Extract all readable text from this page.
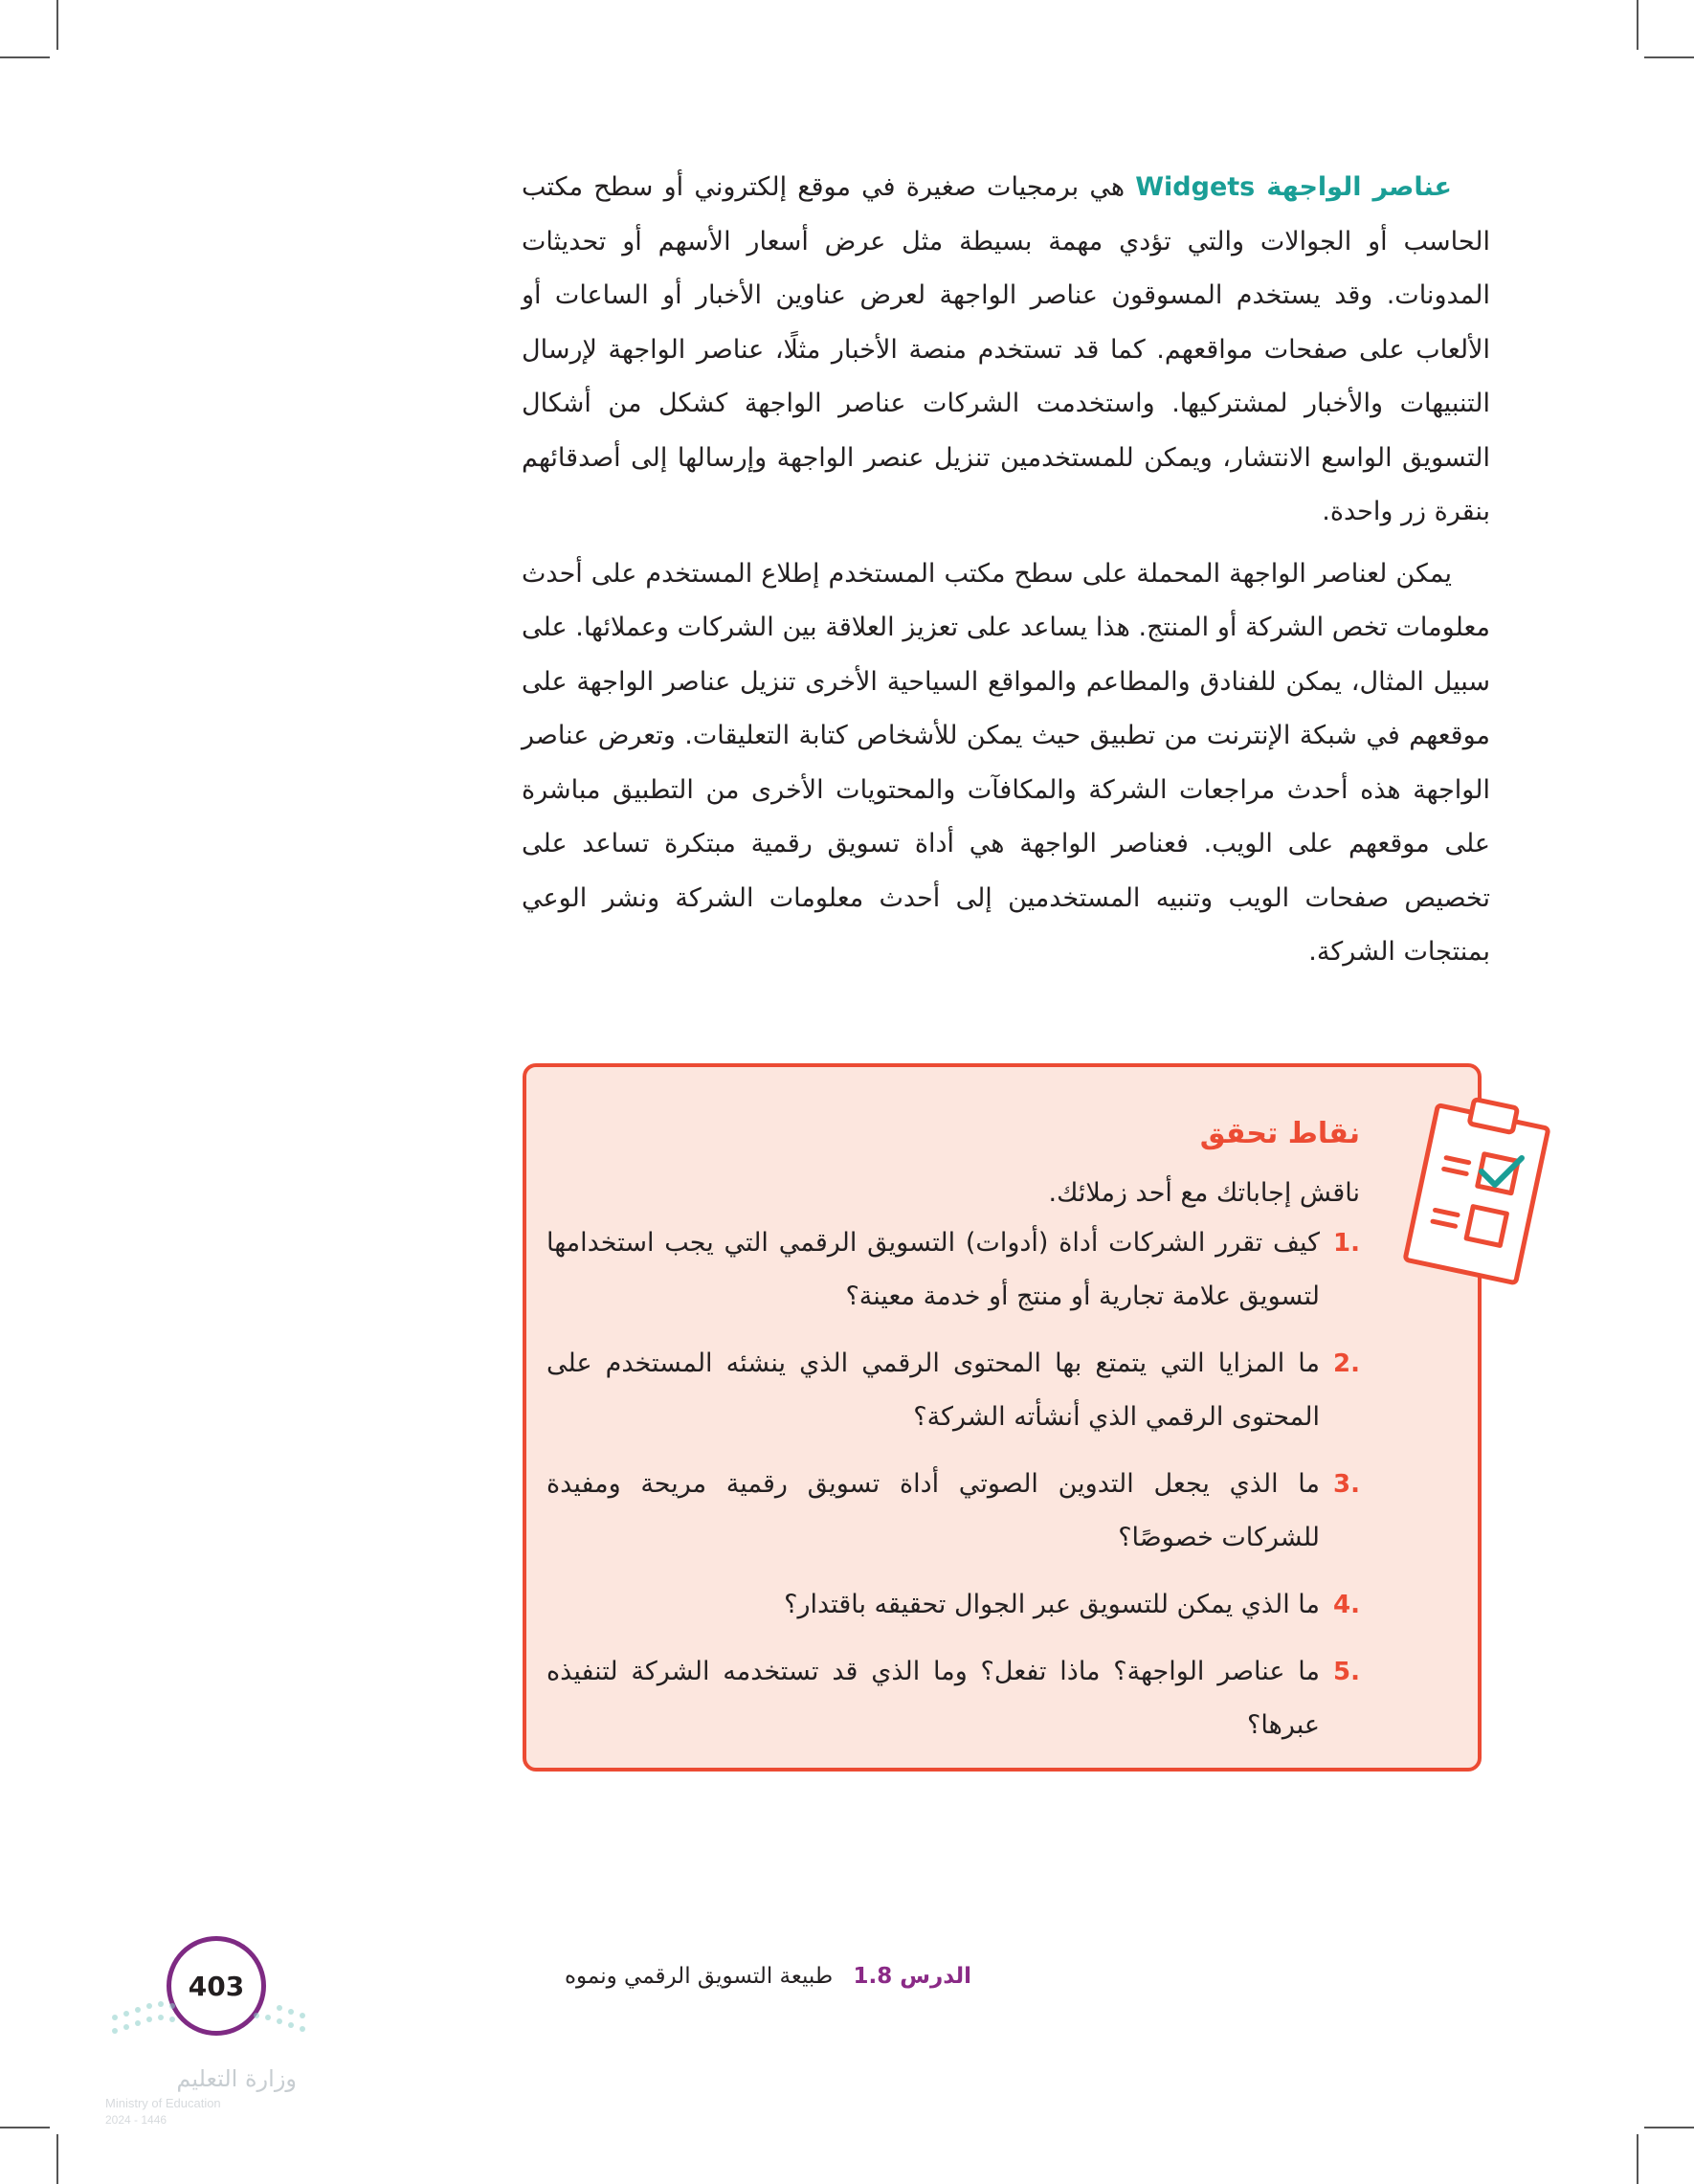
عناصر الواجهة Widgets هي برمجيات صغيرة في موقع إلكتروني أو سطح مكتب الحاسب أو الجوالات والتي تؤدي مهمة بسيطة مثل عرض أسعار الأسهم أو تحديثات المدونات. وقد يستخدم المسوقون عناصر الواجهة لعرض عناوين الأخبار أو الساعات أو الألعاب على صفحات مواقعهم. كما قد تستخدم منصة الأخبار مثلًا، عناصر الواجهة لإرسال التنبيهات والأخبار لمشتركيها. واستخدمت الشركات عناصر الواجهة كشكل من أشكال التسويق الواسع الانتشار، ويمكن للمستخدمين تنزيل عنصر الواجهة وإرسالها إلى أصدقائهم بنقرة زر واحدة.

يمكن لعناصر الواجهة المحملة على سطح مكتب المستخدم إطلاع المستخدم على أحدث معلومات تخص الشركة أو المنتج. هذا يساعد على تعزيز العلاقة بين الشركات وعملائها. على سبيل المثال، يمكن للفنادق والمطاعم والمواقع السياحية الأخرى تنزيل عناصر الواجهة على موقعهم في شبكة الإنترنت من تطبيق حيث يمكن للأشخاص كتابة التعليقات. وتعرض عناصر الواجهة هذه أحدث مراجعات الشركة والمكافآت والمحتويات الأخرى من التطبيق مباشرة على موقعهم على الويب. فعناصر الواجهة هي أداة تسويق رقمية مبتكرة تساعد على تخصيص صفحات الويب وتنبيه المستخدمين إلى أحدث معلومات الشركة ونشر الوعي بمنتجات الشركة.

نقاط تحقق
ناقش إجاباتك مع أحد زملائك.
1.
كيف تقرر الشركات أداة (أدوات) التسويق الرقمي التي يجب استخدامها لتسويق علامة تجارية أو منتج أو خدمة معينة؟
2.
ما المزايا التي يتمتع بها المحتوى الرقمي الذي ينشئه المستخدم على المحتوى الرقمي الذي أنشأته الشركة؟
3.
ما الذي يجعل التدوين الصوتي أداة تسويق رقمية مريحة ومفيدة للشركات خصوصًا؟
4.
ما الذي يمكن للتسويق عبر الجوال تحقيقه باقتدار؟
5.
ما عناصر الواجهة؟ ماذا تفعل؟ وما الذي قد تستخدمه الشركة لتنفيذه عبرها؟
الدرس 1.8 طبيعة التسويق الرقمي ونموه
403
وزارة التعليم
Ministry of Education
2024 - 1446
